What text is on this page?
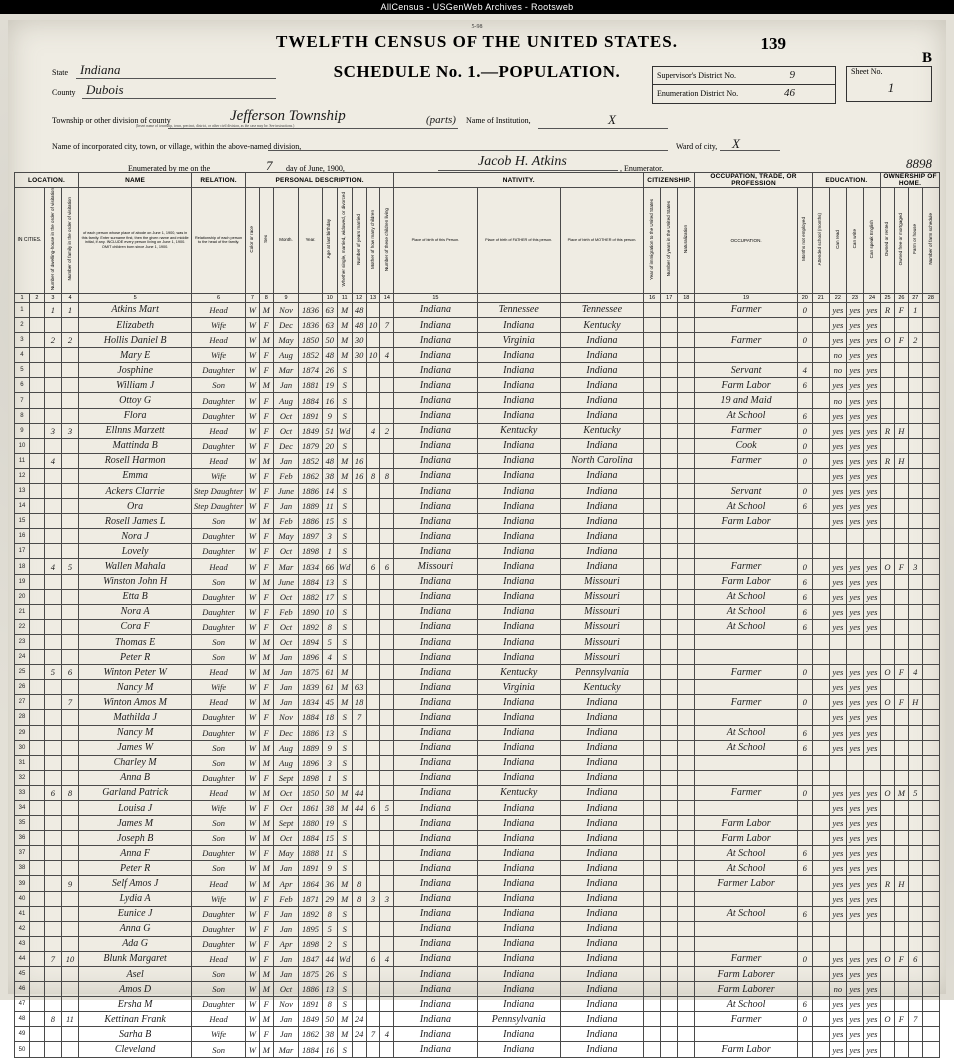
AllCensus - USGenWeb Archives - Rootsweb
5-98
TWELFTH CENSUS OF THE UNITED STATES.
SCHEDULE No. 1.—POPULATION.
139
B
Supervisor's District No.	9
Enumeration District No.	46
Sheet No.
1
State Indiana
County Dubois
Township or other division of county
(Insert name of township, town, precinct, district, or other civil division, as the case may be. See instructions.)
Jefferson Township	(parts) Name of Institution,	X
Name of incorporated city, town, or village, within the above-named division,	Ward of city, X
Enumerated by me on the	7 day of June, 1900,	Jacob H. Atkins	, Enumerator.	8898
LOCATION.				NAME	RELATION.	PERSONAL DESCRIPTION.									NATIVITY.			CITIZENSHIP.			OCCUPATION, TRADE, OR PROFESSION		EDUCATION.				OWNERSHIP OF HOME.			
IN CITIES.		Number of dwelling-house in the order of visitation	Number of family in the order of visitation	of each person whose place of abode on June 1, 1900, was in this family. Enter surname first, then the given name and middle initial, if any. INCLUDE every person living on June 1, 1900. OMIT children born since June 1, 1900.	Relationship of each person to the head of the family.	Color or race	Sex	Month.	Year.	Age at last birthday	Whether single, married, widowed, or divorced	Number of years married	Mother of how many children	Number of these children living	Place of birth of this Person.	Place of birth of FATHER of this person.	Place of birth of MOTHER of this person.	Year of immigration to the United States	Number of years in the United States	Naturalization	OCCUPATION.	Months not employed	Attended school (months)	Can read	Can write	Can speak English	Owned or rented	Owned free or mortgaged	Farm or house	Number of farm schedule
1	2	3	4	5	6	7	8	9		10	11	12	13	14	15			16	17	18	19	20	21	22	23	24	25	26	27	28
1		1	1	Atkins Mart	Head	W	M	Nov	1836	63	M	48			Indiana	Tennessee	Tennessee				Farmer	0		yes	yes	yes	R	F	1	
2				Elizabeth	Wife	W	F	Dec	1836	63	M	48	10	7	Indiana	Indiana	Kentucky							yes	yes	yes				
3		2	2	Hollis Daniel B	Head	W	M	May	1850	50	M	30			Indiana	Virginia	Indiana				Farmer	0		yes	yes	yes	O	F	2	
4				Mary E	Wife	W	F	Aug	1852	48	M	30	10	4	Indiana	Indiana	Indiana							no	yes	yes				
5				Josphine	Daughter	W	F	Mar	1874	26	S				Indiana	Indiana	Indiana				Servant	4		no	yes	yes				
6				William J	Son	W	M	Jan	1881	19	S				Indiana	Indiana	Indiana				Farm Labor	6		yes	yes	yes				
7				Ottoy G	Daughter	W	F	Aug	1884	16	S				Indiana	Indiana	Indiana				19 and Maid			no	yes	yes				
8				Flora	Daughter	W	F	Oct	1891	9	S				Indiana	Indiana	Indiana				At School	6		yes	yes	yes				
9		3	3	Ellnns Marzett	Head	W	F	Oct	1849	51	Wd		4	2	Indiana	Kentucky	Kentucky				Farmer	0		yes	yes	yes	R	H		
10				Mattinda B	Daughter	W	F	Dec	1879	20	S				Indiana	Indiana	Indiana				Cook	0		yes	yes	yes				
11		4		Rosell Harmon	Head	W	M	Jan	1852	48	M	16			Indiana	Indiana	North Carolina				Farmer	0		yes	yes	yes	R	H		
12				Emma	Wife	W	F	Feb	1862	38	M	16	8	8	Indiana	Indiana	Indiana							yes	yes	yes				
13				Ackers Clarrie	Step Daughter	W	F	June	1886	14	S				Indiana	Indiana	Indiana				Servant	0		yes	yes	yes				
14				Ora	Step Daughter	W	F	Jan	1889	11	S				Indiana	Indiana	Indiana				At School	6		yes	yes	yes				
15				Rosell James L	Son	W	M	Feb	1886	15	S				Indiana	Indiana	Indiana				Farm Labor			yes	yes	yes				
16				Nora J	Daughter	W	F	May	1897	3	S				Indiana	Indiana	Indiana													
17				Lovely	Daughter	W	F	Oct	1898	1	S				Indiana	Indiana	Indiana													
18		4	5	Wallen Mahala	Head	W	F	Mar	1834	66	Wd		6	6	Missouri	Indiana	Indiana				Farmer	0		yes	yes	yes	O	F	3	
19				Winston John H	Son	W	M	June	1884	13	S				Indiana	Indiana	Missouri				Farm Labor	6		yes	yes	yes				
20				Etta B	Daughter	W	F	Oct	1882	17	S				Indiana	Indiana	Missouri				At School	6		yes	yes	yes				
21				Nora A	Daughter	W	F	Feb	1890	10	S				Indiana	Indiana	Missouri				At School	6		yes	yes	yes				
22				Cora F	Daughter	W	F	Oct	1892	8	S				Indiana	Indiana	Missouri				At School	6		yes	yes	yes				
23				Thomas E	Son	W	M	Oct	1894	5	S				Indiana	Indiana	Missouri													
24				Peter R	Son	W	M	Jan	1896	4	S				Indiana	Indiana	Missouri													
25		5	6	Winton Peter W	Head	W	M	Jan	1875	61	M				Indiana	Kentucky	Pennsylvania				Farmer	0		yes	yes	yes	O	F	4	
26				Nancy M	Wife	W	F	Jan	1839	61	M	63			Indiana	Virginia	Kentucky							yes	yes	yes				
27			7	Winton Amos M	Head	W	M	Jan	1834	45	M	18			Indiana	Indiana	Indiana				Farmer	0		yes	yes	yes	O	F	H	
28				Mathilda J	Daughter	W	F	Nov	1884	18	S	7			Indiana	Indiana	Indiana							yes	yes	yes				
29				Nancy M	Daughter	W	F	Dec	1886	13	S				Indiana	Indiana	Indiana				At School	6		yes	yes	yes				
30				James W	Son	W	M	Aug	1889	9	S				Indiana	Indiana	Indiana				At School	6		yes	yes	yes				
31				Charley M	Son	W	M	Aug	1896	3	S				Indiana	Indiana	Indiana													
32				Anna B	Daughter	W	F	Sept	1898	1	S				Indiana	Indiana	Indiana													
33		6	8	Garland Patrick	Head	W	M	Oct	1850	50	M	44			Indiana	Kentucky	Indiana				Farmer	0		yes	yes	yes	O	M	5	
34				Louisa J	Wife	W	F	Oct	1861	38	M	44	6	5	Indiana	Indiana	Indiana							yes	yes	yes				
35				James M	Son	W	M	Sept	1880	19	S				Indiana	Indiana	Indiana				Farm Labor			yes	yes	yes				
36				Joseph B	Son	W	M	Oct	1884	15	S				Indiana	Indiana	Indiana				Farm Labor			yes	yes	yes				
37				Anna F	Daughter	W	F	May	1888	11	S				Indiana	Indiana	Indiana				At School	6		yes	yes	yes				
38				Peter R	Son	W	M	Jan	1891	9	S				Indiana	Indiana	Indiana				At School	6		yes	yes	yes				
39			9	Self Amos J	Head	W	M	Apr	1864	36	M	8			Indiana	Indiana	Indiana				Farmer Labor			yes	yes	yes	R	H		
40				Lydia A	Wife	W	F	Feb	1871	29	M	8	3	3	Indiana	Indiana	Indiana							yes	yes	yes				
41				Eunice J	Daughter	W	F	Jan	1892	8	S				Indiana	Indiana	Indiana				At School	6		yes	yes	yes				
42				Anna G	Daughter	W	F	Jan	1895	5	S				Indiana	Indiana	Indiana													
43				Ada G	Daughter	W	F	Apr	1898	2	S				Indiana	Indiana	Indiana													
44		7	10	Blunk Margaret	Head	W	F	Jan	1847	44	Wd		6	4	Indiana	Indiana	Indiana				Farmer	0		yes	yes	yes	O	F	6	
45				Asel	Son	W	M	Jan	1875	26	S				Indiana	Indiana	Indiana				Farm Laborer			yes	yes	yes				
46				Amos D	Son	W	M	Oct	1886	13	S				Indiana	Indiana	Indiana				Farm Laborer			no	yes	yes				
47				Ersha M	Daughter	W	F	Nov	1891	8	S				Indiana	Indiana	Indiana				At School	6		yes	yes	yes				
48		8	11	Kettinan Frank	Head	W	M	Jan	1849	50	M	24			Indiana	Pennsylvania	Indiana				Farmer	0		yes	yes	yes	O	F	7	
49				Sarha B	Wife	W	F	Jan	1862	38	M	24	7	4	Indiana	Indiana	Indiana							yes	yes	yes				
50				Cleveland	Son	W	M	Mar	1884	16	S				Indiana	Indiana	Indiana				Farm Labor			yes	yes	yes				
